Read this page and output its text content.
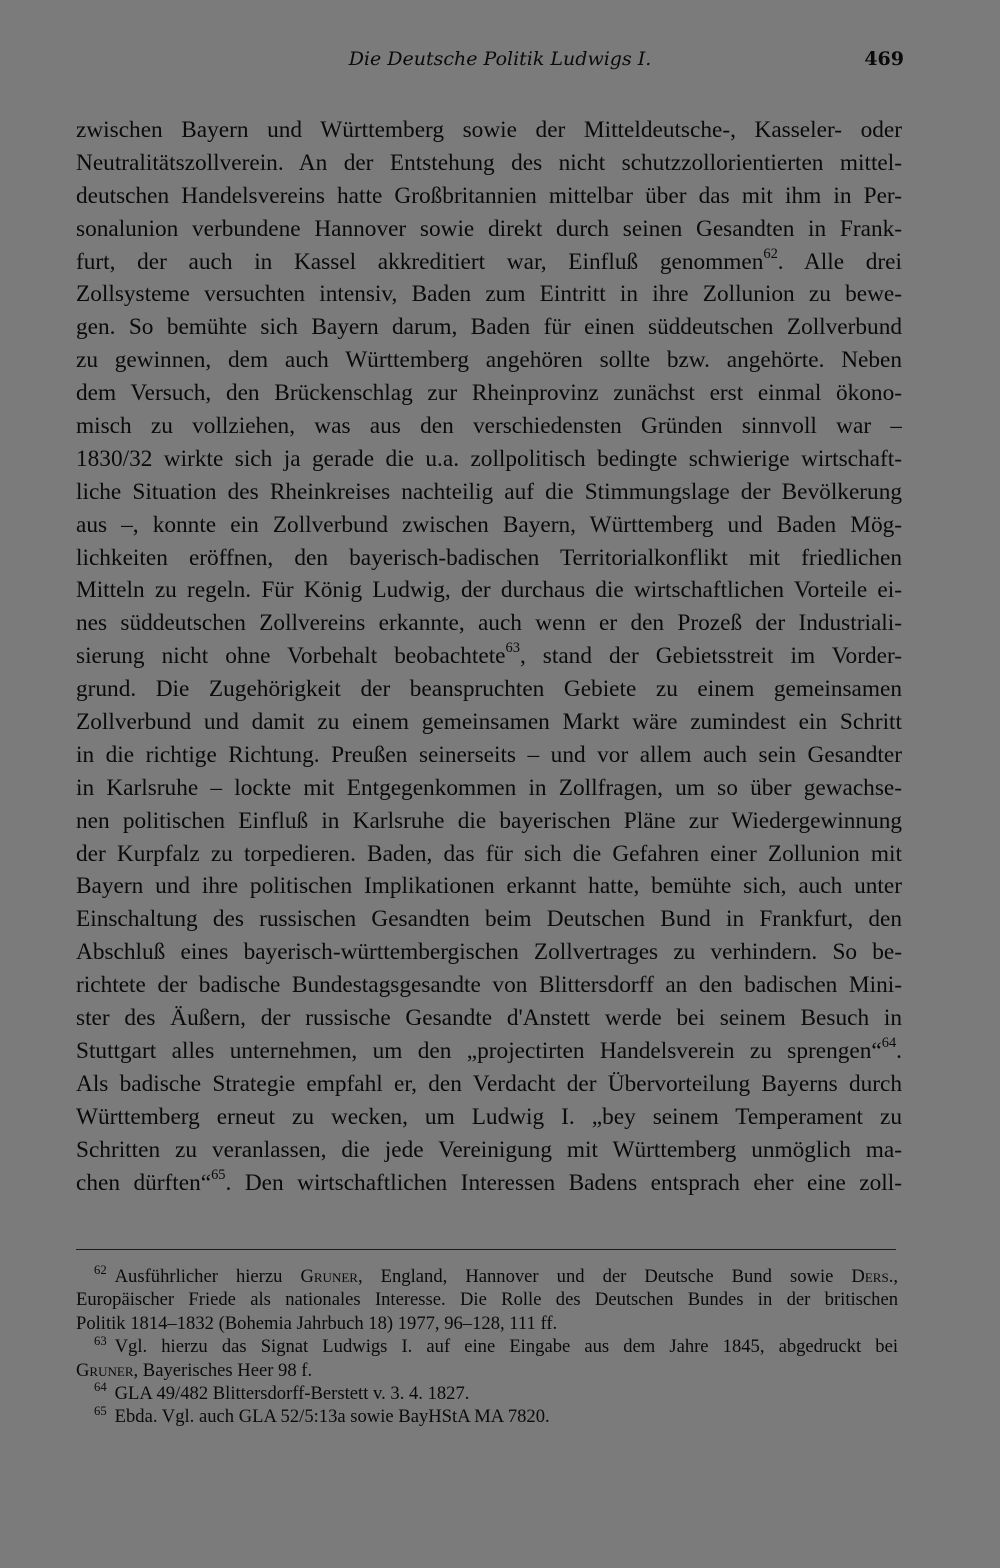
Die Deutsche Politik Ludwigs I.	469
zwischen Bayern und Württemberg sowie der Mitteldeutsche-, Kasseler- oder
Neutralitätszollverein. An der Entstehung des nicht schutzzollorientierten mittel-
deutschen Handelsvereins hatte Großbritannien mittelbar über das mit ihm in Per-
sonalunion verbundene Hannover sowie direkt durch seinen Gesandten in Frank-
furt, der auch in Kassel akkreditiert war, Einfluß genommen$^{62}$. Alle drei
Zollsysteme versuchten intensiv, Baden zum Eintritt in ihre Zollunion zu bewe-
gen. So bemühte sich Bayern darum, Baden für einen süddeutschen Zollverbund
zu gewinnen, dem auch Württemberg angehören sollte bzw. angehörte. Neben
dem Versuch, den Brückenschlag zur Rheinprovinz zunächst erst einmal ökono-
misch zu vollziehen, was aus den verschiedensten Gründen sinnvoll war –
1830/32 wirkte sich ja gerade die u.a. zollpolitisch bedingte schwierige wirtschaft-
liche Situation des Rheinkreises nachteilig auf die Stimmungslage der Bevölkerung
aus –, konnte ein Zollverbund zwischen Bayern, Württemberg und Baden Mög-
lichkeiten eröffnen, den bayerisch-badischen Territorialkonflikt mit friedlichen
Mitteln zu regeln. Für König Ludwig, der durchaus die wirtschaftlichen Vorteile ei-
nes süddeutschen Zollvereins erkannte, auch wenn er den Prozeß der Industriali-
sierung nicht ohne Vorbehalt beobachtete$^{63}$, stand der Gebietsstreit im Vorder-
grund. Die Zugehörigkeit der beanspruchten Gebiete zu einem gemeinsamen
Zollverbund und damit zu einem gemeinsamen Markt wäre zumindest ein Schritt
in die richtige Richtung. Preußen seinerseits – und vor allem auch sein Gesandter
in Karlsruhe – lockte mit Entgegenkommen in Zollfragen, um so über gewachse-
nen politischen Einfluß in Karlsruhe die bayerischen Pläne zur Wiedergewinnung
der Kurpfalz zu torpedieren. Baden, das für sich die Gefahren einer Zollunion mit
Bayern und ihre politischen Implikationen erkannt hatte, bemühte sich, auch unter
Einschaltung des russischen Gesandten beim Deutschen Bund in Frankfurt, den
Abschluß eines bayerisch-württembergischen Zollvertrages zu verhindern. So be-
richtete der badische Bundestagsgesandte von Blittersdorff an den badischen Mini-
ster des Äußern, der russische Gesandte d'Anstett werde bei seinem Besuch in
Stuttgart alles unternehmen, um den „projectirten Handelsverein zu sprengen“$^{64}$.
Als badische Strategie empfahl er, den Verdacht der Übervorteilung Bayerns durch
Württemberg erneut zu wecken, um Ludwig I. „bey seinem Temperament zu
Schritten zu veranlassen, die jede Vereinigung mit Württemberg unmöglich ma-
chen dürften“$^{65}$. Den wirtschaftlichen Interessen Badens entsprach eher eine zoll-
$^{62}$ Ausführlicher hierzu Gruner, England, Hannover und der Deutsche Bund sowie Ders.,
Europäischer Friede als nationales Interesse. Die Rolle des Deutschen Bundes in der britischen
Politik 1814–1832 (Bohemia Jahrbuch 18) 1977, 96–128, 111 ff.
$^{63}$ Vgl. hierzu das Signat Ludwigs I. auf eine Eingabe aus dem Jahre 1845, abgedruckt bei
Gruner, Bayerisches Heer 98 f.
$^{64}$ GLA 49/482 Blittersdorff-Berstett v. 3. 4. 1827.
$^{65}$ Ebda. Vgl. auch GLA 52/5:13a sowie BayHStA MA 7820.
